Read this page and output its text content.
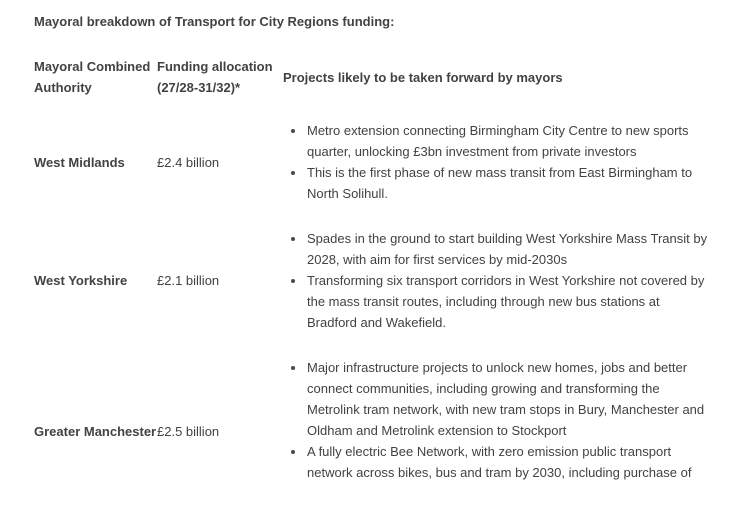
Mayoral breakdown of Transport for City Regions funding:

Mayoral Combined Authority
Funding allocation (27/28-31/32)*
Projects likely to be taken forward by mayors
West Midlands	£2.4 billion
Metro extension connecting Birmingham City Centre to new sports quarter, unlocking £3bn investment from private investors
This is the first phase of new mass transit from East Birmingham to North Solihull.
West Yorkshire	£2.1 billion
Spades in the ground to start building West Yorkshire Mass Transit by 2028, with aim for first services by mid-2030s
Transforming six transport corridors in West Yorkshire not covered by the mass transit routes, including through new bus stations at Bradford and Wakefield.
Greater Manchester £2.5 billion
Major infrastructure projects to unlock new homes, jobs and better connect communities, including growing and transforming the Metrolink tram network, with new tram stops in Bury, Manchester and Oldham and Metrolink extension to Stockport
A fully electric Bee Network, with zero emission public transport network across bikes, bus and tram by 2030, including purchase of
